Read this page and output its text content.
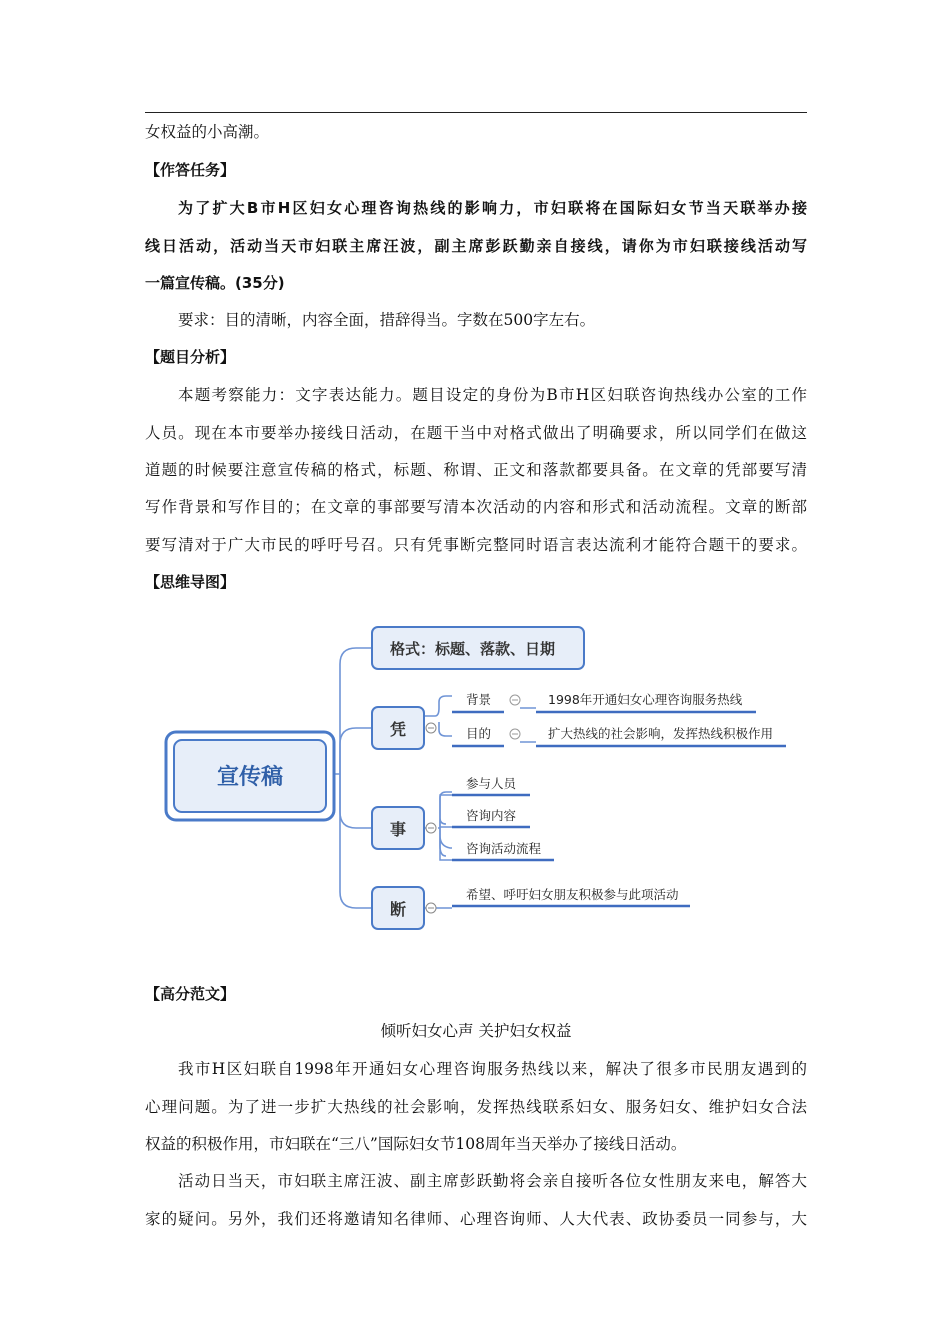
女权益的小高潮。
【作答任务】
为了扩大B市H区妇女心理咨询热线的影响力，市妇联将在国际妇女节当天联举办接
线日活动，活动当天市妇联主席汪波，副主席彭跃勤亲自接线，请你为市妇联接线活动写
一篇宣传稿。(35分)
要求：目的清晰，内容全面，措辞得当。字数在500字左右。
【题目分析】
本题考察能力：文字表达能力。题目设定的身份为B市H区妇联咨询热线办公室的工作
人员。现在本市要举办接线日活动，在题干当中对格式做出了明确要求，所以同学们在做这
道题的时候要注意宣传稿的格式，标题、称谓、正文和落款都要具备。在文章的凭部要写清
写作背景和写作目的；在文章的事部要写清本次活动的内容和形式和活动流程。文章的断部
要写清对于广大市民的呼吁号召。只有凭事断完整同时语言表达流利才能符合题干的要求。
【思维导图】
宣传稿
格式：标题、落款、日期
凭
背景	1998年开通妇女心理咨询服务热线
目的	扩大热线的社会影响，发挥热线积极作用
事
参与人员
咨询内容
咨询活动流程
断
希望、呼吁妇女朋友积极参与此项活动
【高分范文】
倾听妇女心声 关护妇女权益
我市H区妇联自1998年开通妇女心理咨询服务热线以来，解决了很多市民朋友遇到的
心理问题。为了进一步扩大热线的社会影响，发挥热线联系妇女、服务妇女、维护妇女合法
权益的积极作用，市妇联在“三八”国际妇女节108周年当天举办了接线日活动。
活动日当天，市妇联主席汪波、副主席彭跃勤将会亲自接听各位女性朋友来电，解答大
家的疑问。另外，我们还将邀请知名律师、心理咨询师、人大代表、政协委员一同参与，大
